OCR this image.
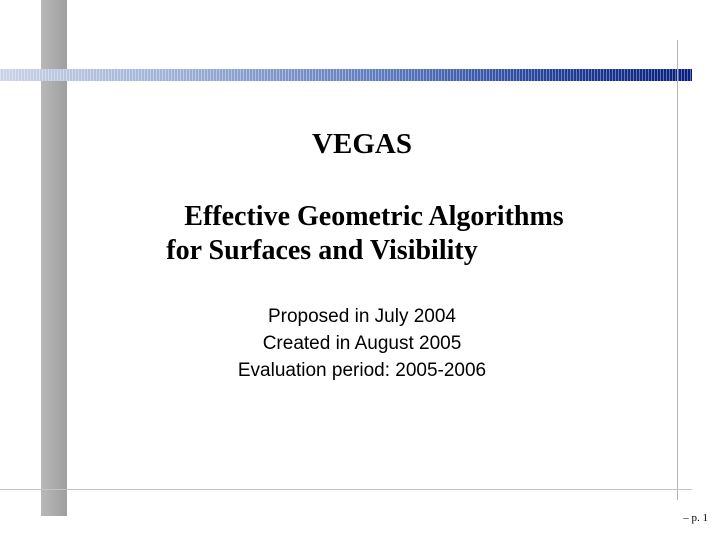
VEGAS
Effective Geometric Algorithms
for Surfaces and Visibility
Proposed in July 2004
Created in August 2005
Evaluation period: 2005-2006
– p. 1
